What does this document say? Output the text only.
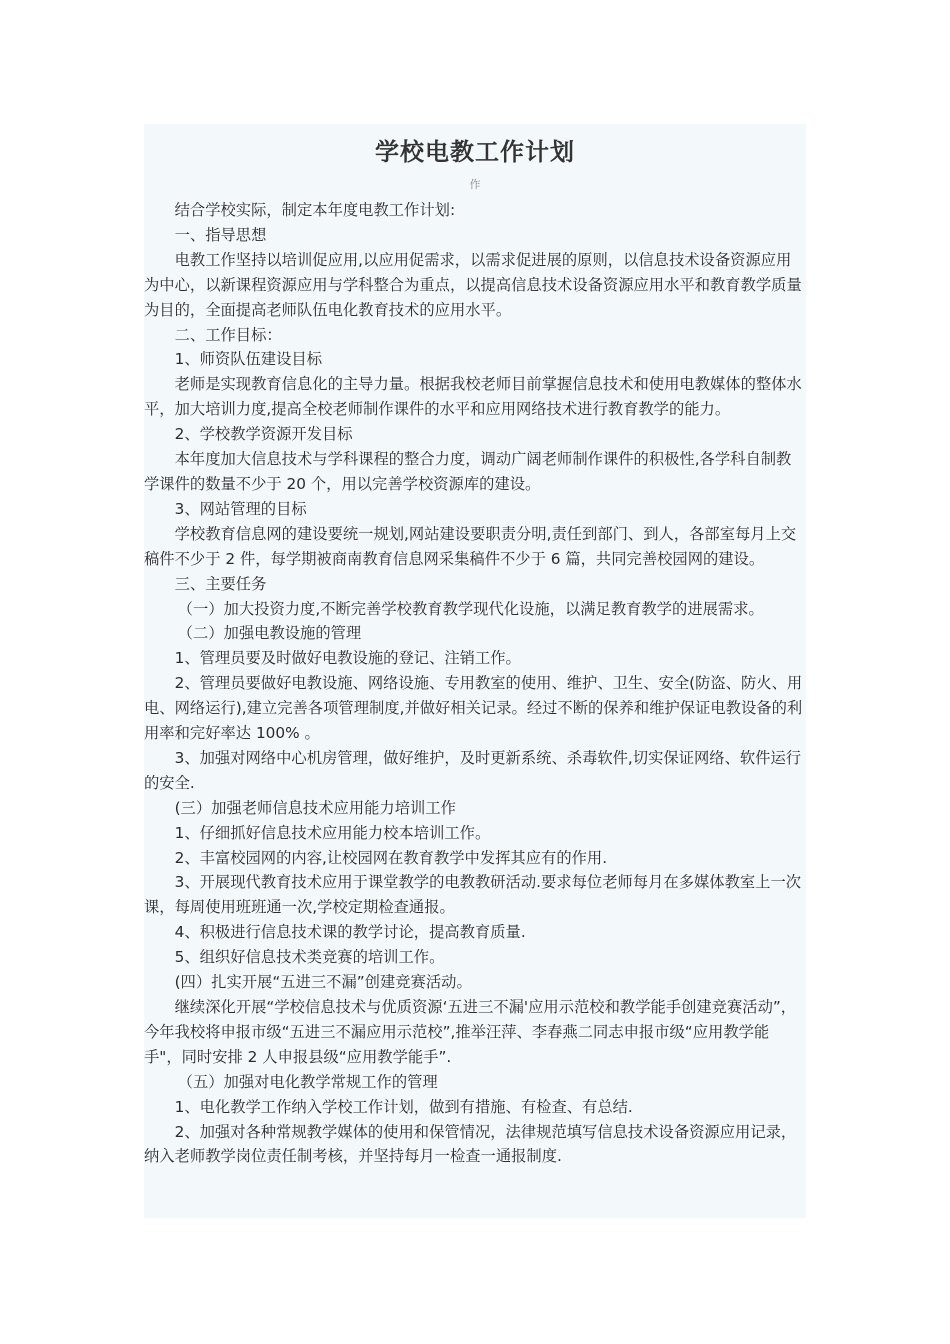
学校电教工作计划
作

结合学校实际，制定本年度电教工作计划:

一、指导思想

电教工作坚持以培训促应用,以应用促需求，以需求促进展的原则，以信息技术设备资源应用为中心，以新课程资源应用与学科整合为重点，以提高信息技术设备资源应用水平和教育教学质量为目的，全面提高老师队伍电化教育技术的应用水平。

二、工作目标：

1、师资队伍建设目标

老师是实现教育信息化的主导力量。根据我校老师目前掌握信息技术和使用电教媒体的整体水平，加大培训力度,提高全校老师制作课件的水平和应用网络技术进行教育教学的能力。

2、学校教学资源开发目标

本年度加大信息技术与学科课程的整合力度，调动广阔老师制作课件的积极性,各学科自制教学课件的数量不少于 20 个，用以完善学校资源库的建设。

3、网站管理的目标

学校教育信息网的建设要统一规划,网站建设要职责分明,责任到部门、到人，各部室每月上交稿件不少于 2 件，每学期被商南教育信息网采集稿件不少于 6 篇，共同完善校园网的建设。

三、主要任务

（一）加大投资力度,不断完善学校教育教学现代化设施，以满足教育教学的进展需求。

（二）加强电教设施的管理

1、管理员要及时做好电教设施的登记、注销工作。

2、管理员要做好电教设施、网络设施、专用教室的使用、维护、卫生、安全(防盗、防火、用电、网络运行),建立完善各项管理制度,并做好相关记录。经过不断的保养和维护保证电教设备的利用率和完好率达 100% 。

3、加强对网络中心机房管理，做好维护，及时更新系统、杀毒软件,切实保证网络、软件运行的安全.

(三）加强老师信息技术应用能力培训工作

1、仔细抓好信息技术应用能力校本培训工作。

2、丰富校园网的内容,让校园网在教育教学中发挥其应有的作用.

3、开展现代教育技术应用于课堂教学的电教教研活动.要求每位老师每月在多媒体教室上一次课，每周使用班班通一次,学校定期检查通报。

4、积极进行信息技术课的教学讨论，提高教育质量.

5、组织好信息技术类竞赛的培训工作。

(四）扎实开展“五进三不漏”创建竞赛活动。

继续深化开展“学校信息技术与优质资源‘五进三不漏'应用示范校和教学能手创建竞赛活动”，今年我校将申报市级“五进三不漏应用示范校”,推举汪萍、李春燕二同志申报市级“应用教学能手"，同时安排 2 人申报县级“应用教学能手”.

（五）加强对电化教学常规工作的管理

1、电化教学工作纳入学校工作计划，做到有措施、有检查、有总结.

2、加强对各种常规教学媒体的使用和保管情况，法律规范填写信息技术设备资源应用记录，纳入老师教学岗位责任制考核，并坚持每月一检查一通报制度.
